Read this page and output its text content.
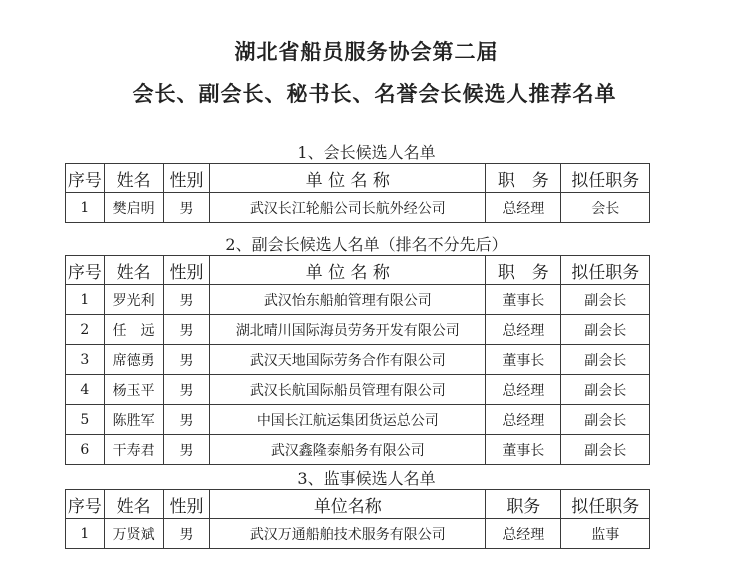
湖北省船员服务协会第二届
会长、副会长、秘书长、名誉会长候选人推荐名单
1、会长候选人名单
序号	姓名	性别	单 位 名 称	职　务	拟任职务
1	樊启明	男	武汉长江轮船公司长航外经公司	总经理	会长
2、副会长候选人名单（排名不分先后）
序号	姓名	性别	单 位 名 称	职　务	拟任职务
1	罗光利	男	武汉怡东船舶管理有限公司	董事长	副会长
2	任　远	男	湖北晴川国际海员劳务开发有限公司	总经理	副会长
3	席德勇	男	武汉天地国际劳务合作有限公司	董事长	副会长
4	杨玉平	男	武汉长航国际船员管理有限公司	总经理	副会长
5	陈胜军	男	中国长江航运集团货运总公司	总经理	副会长
6	干寿君	男	武汉鑫隆泰船务有限公司	董事长	副会长
3、监事候选人名单
序号	姓名	性别	单位名称	职务	拟任职务
1	万贤斌	男	武汉万通船舶技术服务有限公司	总经理	监事
